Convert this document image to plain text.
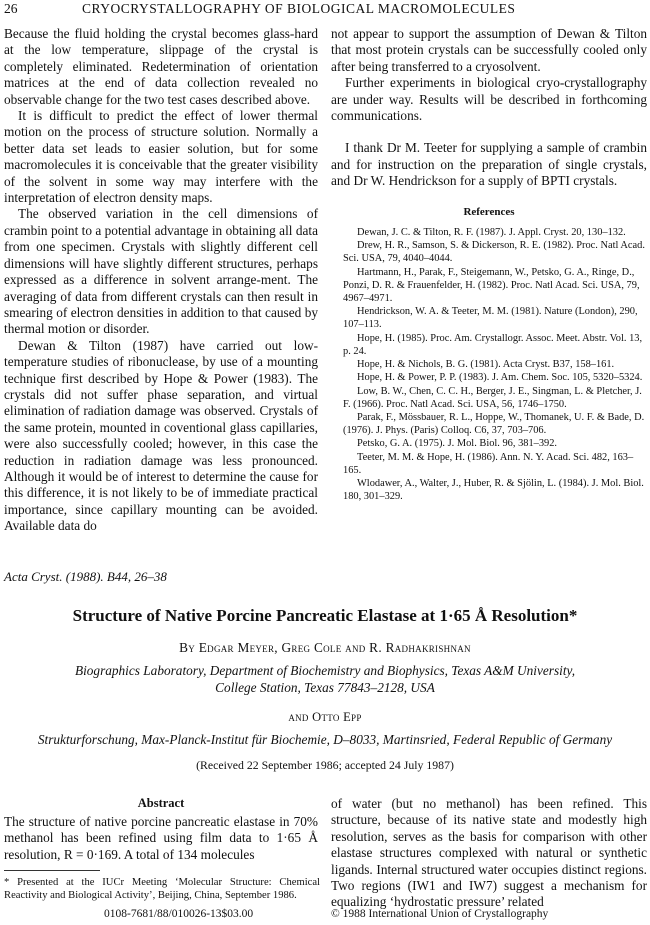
26	CRYOCRYSTALLOGRAPHY OF BIOLOGICAL MACROMOLECULES

Because the fluid holding the crystal becomes glass-hard at the low temperature, slippage of the crystal is completely eliminated. Redetermination of orientation matrices at the end of data collection revealed no observable change for the two test cases described above.

It is difficult to predict the effect of lower thermal motion on the process of structure solution. Normally a better data set leads to easier solution, but for some macromolecules it is conceivable that the greater visibility of the solvent in some way may interfere with the interpretation of electron density maps.

The observed variation in the cell dimensions of crambin point to a potential advantage in obtaining all data from one specimen. Crystals with slightly different cell dimensions will have slightly different structures, perhaps expressed as a difference in solvent arrange-ment. The averaging of data from different crystals can then result in smearing of electron densities in addition to that caused by thermal motion or disorder.

Dewan & Tilton (1987) have carried out low-temperature studies of ribonuclease, by use of a mounting technique first described by Hope & Power (1983). The crystals did not suffer phase separation, and virtual elimination of radiation damage was observed. Crystals of the same protein, mounted in coventional glass capillaries, were also successfully cooled; however, in this case the reduction in radiation damage was less pronounced. Although it would be of interest to determine the cause for this difference, it is not likely to be of immediate practical importance, since capillary mounting can be avoided. Available data do

not appear to support the assumption of Dewan & Tilton that most protein crystals can be successfully cooled only after being transferred to a cryosolvent.

Further experiments in biological cryo-crystallography are under way. Results will be described in forthcoming communications.

I thank Dr M. Teeter for supplying a sample of crambin and for instruction on the preparation of single crystals, and Dr W. Hendrickson for a supply of BPTI crystals.

References

Dewan, J. C. & Tilton, R. F. (1987). J. Appl. Cryst. 20, 130–132.

Drew, H. R., Samson, S. & Dickerson, R. E. (1982). Proc. Natl Acad. Sci. USA, 79, 4040–4044.

Hartmann, H., Parak, F., Steigemann, W., Petsko, G. A., Ringe, D., Ponzi, D. R. & Frauenfelder, H. (1982). Proc. Natl Acad. Sci. USA, 79, 4967–4971.

Hendrickson, W. A. & Teeter, M. M. (1981). Nature (London), 290, 107–113.

Hope, H. (1985). Proc. Am. Crystallogr. Assoc. Meet. Abstr. Vol. 13, p. 24.

Hope, H. & Nichols, B. G. (1981). Acta Cryst. B37, 158–161.

Hope, H. & Power, P. P. (1983). J. Am. Chem. Soc. 105, 5320–5324.

Low, B. W., Chen, C. C. H., Berger, J. E., Singman, L. & Pletcher, J. F. (1966). Proc. Natl Acad. Sci. USA, 56, 1746–1750.

Parak, F., Mössbauer, R. L., Hoppe, W., Thomanek, U. F. & Bade, D. (1976). J. Phys. (Paris) Colloq. C6, 37, 703–706.

Petsko, G. A. (1975). J. Mol. Biol. 96, 381–392.

Teeter, M. M. & Hope, H. (1986). Ann. N. Y. Acad. Sci. 482, 163–165.

Wlodawer, A., Walter, J., Huber, R. & Sjölin, L. (1984). J. Mol. Biol. 180, 301–329.

Acta Cryst. (1988). B44, 26–38
Structure of Native Porcine Pancreatic Elastase at 1·65 Å Resolution*
By Edgar Meyer, Greg Cole and R. Radhakrishnan
Biographics Laboratory, Department of Biochemistry and Biophysics, Texas A&M University,
College Station, Texas 77843–2128, USA
and Otto Epp
Strukturforschung, Max-Planck-Institut für Biochemie, D–8033, Martinsried, Federal Republic of Germany
(Received 22 September 1986; accepted 24 July 1987)
Abstract
The structure of native porcine pancreatic elastase in 70% methanol has been refined using film data to 1·65 Å resolution, R = 0·169. A total of 134 molecules
of water (but no methanol) has been refined. This structure, because of its native state and modestly high resolution, serves as the basis for comparison with other elastase structures complexed with natural or synthetic ligands. Internal structured water occupies distinct regions. Two regions (IW1 and IW7) suggest a mechanism for equalizing ‘hydrostatic pressure’ related
* Presented at the IUCr Meeting ‘Molecular Structure: Chemical Reactivity and Biological Activity’, Beijing, China, September 1986.
0108-7681/88/010026-13$03.00	© 1988 International Union of Crystallography
